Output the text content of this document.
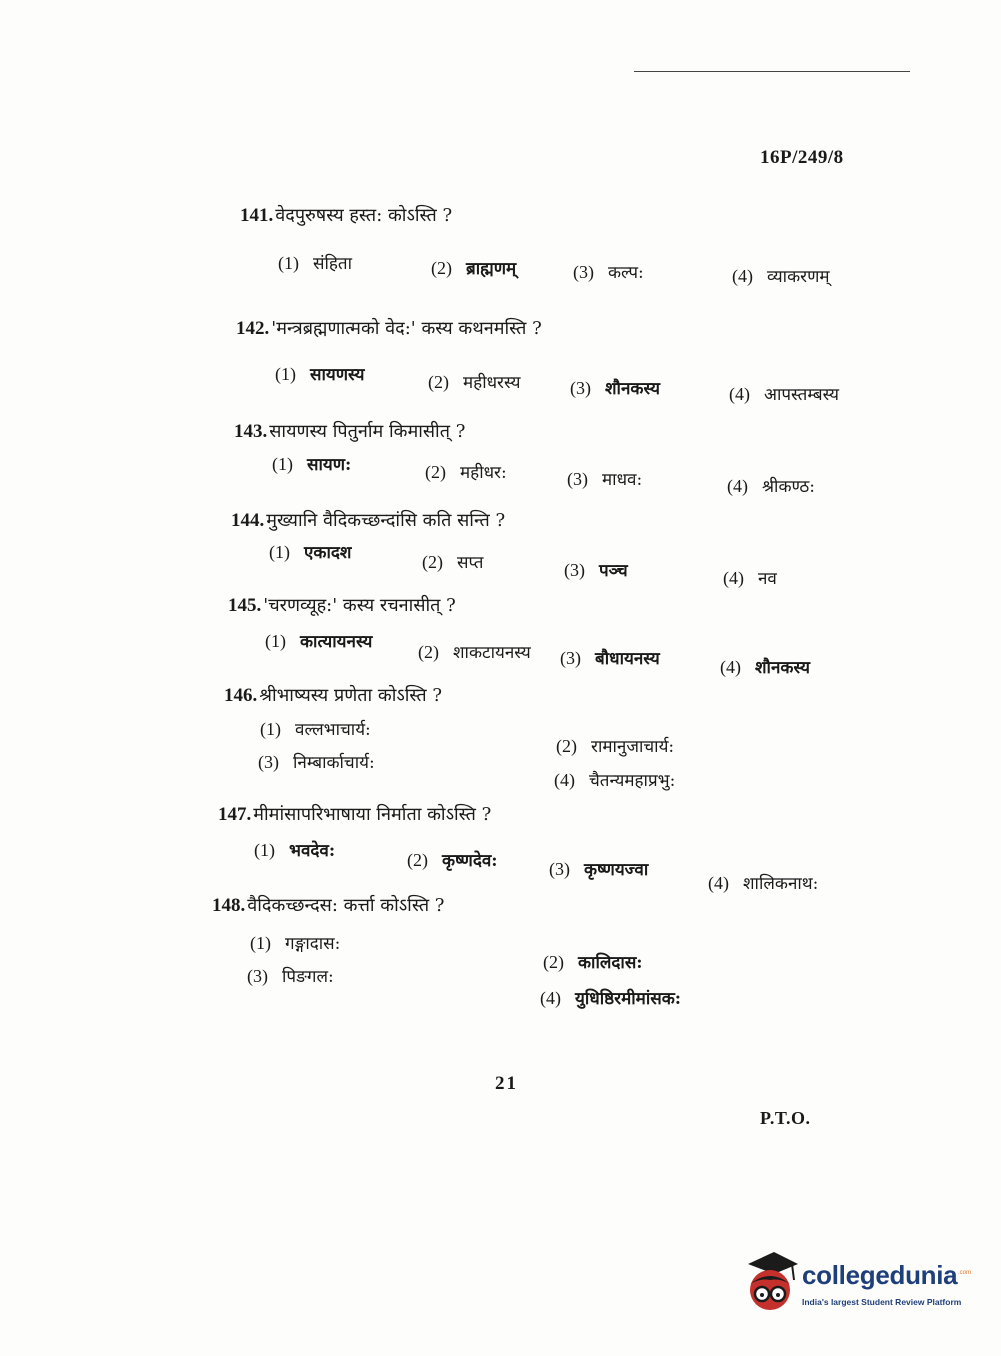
16P/249/8
141. वेदपुरुषस्य हस्त: कोऽस्ति ?
(1) संहिता	(2) ब्राह्मणम्	(3) कल्प:	(4) व्याकरणम्
142. 'मन्त्रब्रह्मणात्मको वेद:' कस्य कथनमस्ति ?
(1) सायणस्य	(2) महीधरस्य	(3) शौनकस्य	(4) आपस्तम्बस्य
143. सायणस्य पितुर्नाम किमासीत् ?
(1) सायण:	(2) महीधर:	(3) माधव:	(4) श्रीकण्ठ:
144. मुख्यानि वैदिकच्छन्दांसि कति सन्ति ?
(1) एकादश	(2) सप्त	(3) पञ्च	(4) नव
145. 'चरणव्यूह:' कस्य रचनासीत् ?
(1) कात्यायनस्य	(2) शाकटायनस्य (3) बौधायनस्य	(4) शौनकस्य
146. श्रीभाष्यस्य प्रणेता कोऽस्ति ?
(1) वल्लभाचार्य:
(2) रामानुजाचार्य:
(3) निम्बार्काचार्य:
(4) चैतन्यमहाप्रभु:
147. मीमांसापरिभाषाया निर्माता कोऽस्ति ?
(1) भवदेव:	(2) कृष्णदेव:	(3) कृष्णयज्वा
(4) शालिकनाथ:
148. वैदिकच्छन्दस: कर्त्ता कोऽस्ति ?
(1) गङ्गादास:
(2) कालिदास:
(3) पिङगल:
(4) युधिष्ठिरमीमांसक:
21
P.T.O.
collegedunia .com
India's largest Student Review Platform
